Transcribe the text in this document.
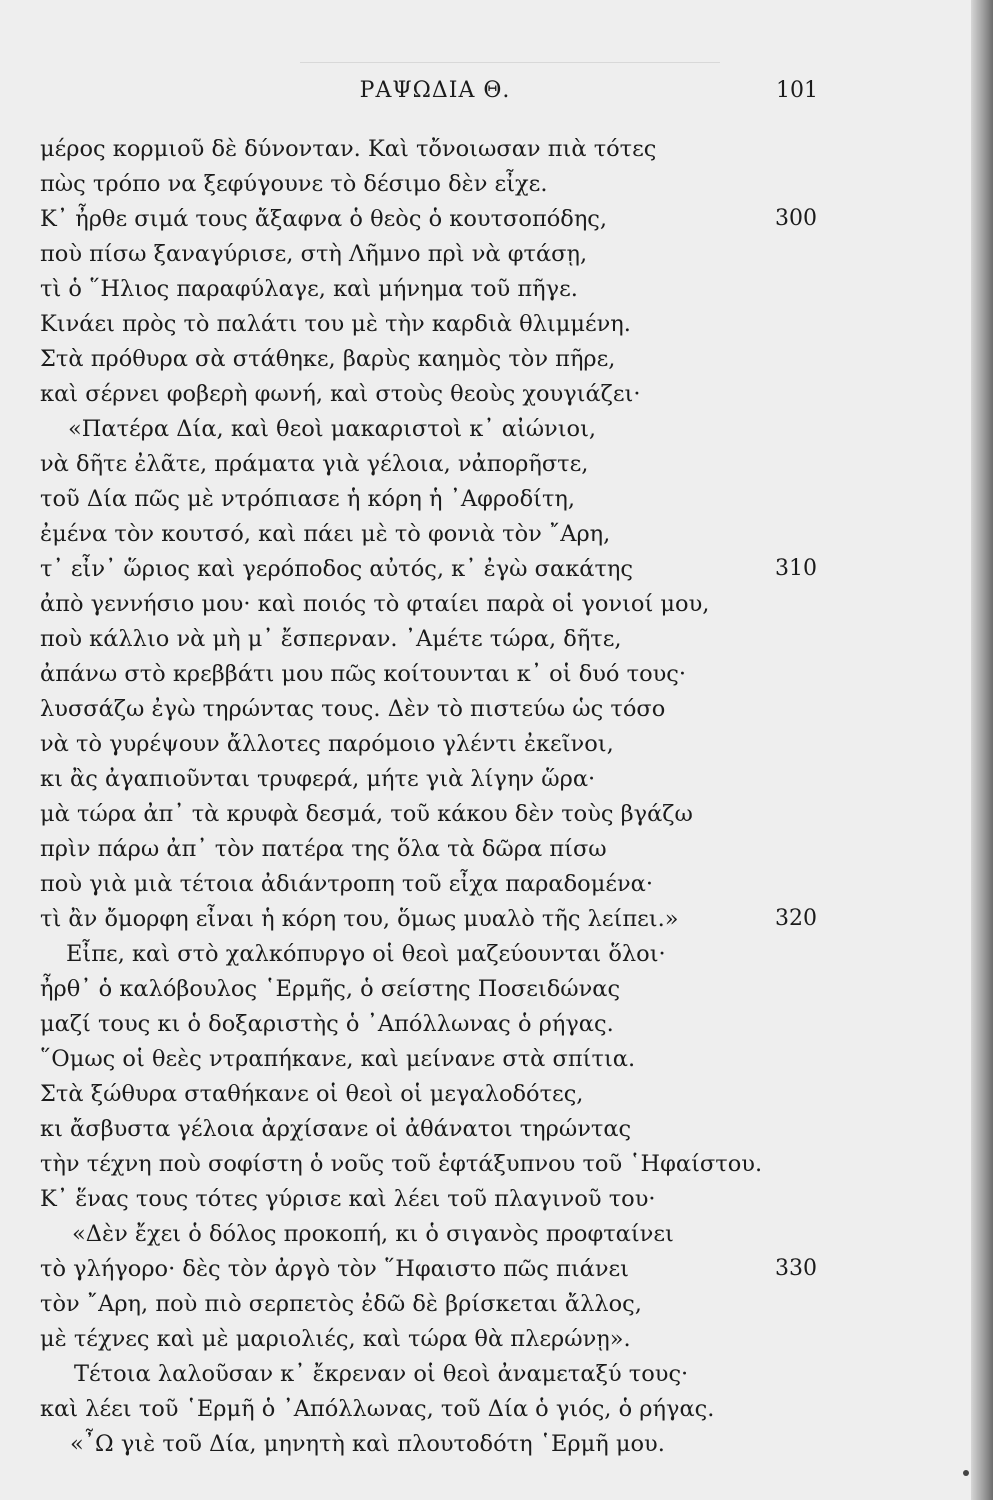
ΡΑΨΩΔΙΑ Θ.	101
μέρος κορμιοῦ δὲ δύνονταν. Καὶ τὄνοιωσαν πιὰ τότες
πὼς τρόπο να ξεφύγουνε τὸ δέσιμο δὲν εἶχε.
Κ᾿ ἦρθε σιμά τους ἄξαφνα ὁ θεὸς ὁ κουτσοπόδης,	300
ποὺ πίσω ξαναγύρισε, στὴ Λῆμνο πρὶ νὰ φτάσῃ,
τὶ ὁ ῞Ηλιος παραφύλαγε, καὶ μήνημα τοῦ πῆγε.
Κινάει πρὸς τὸ παλάτι του μὲ τὴν καρδιὰ θλιμμένη.
Στὰ πρόθυρα σὰ στάθηκε, βαρὺς καημὸς τὸν πῆρε,
καὶ σέρνει φοβερὴ φωνή, καὶ στοὺς θεοὺς χουγιάζει·
«Πατέρα Δία, καὶ θεοὶ μακαριστοὶ κ᾿ αἰώνιοι,
νὰ δῆτε ἐλᾶτε, πράματα γιὰ γέλοια, νἀπορῆστε,
τοῦ Δία πῶς μὲ ντρόπιασε ἡ κόρη ἡ ᾿Αφροδίτη,
ἐμένα τὸν κουτσό, καὶ πάει μὲ τὸ φονιὰ τὸν ῎Αρη,
τ᾿ εἶν᾿ ὥριος καὶ γερόποδος αὐτός, κ᾿ ἐγὼ σακάτης	310
ἀπὸ γεννήσιο μου· καὶ ποιός τὸ φταίει παρὰ οἱ γονιοί μου,
ποὺ κάλλιο νὰ μὴ μ᾿ ἔσπερναν. ᾿Αμέτε τώρα, δῆτε,
ἀπάνω στὸ κρεββάτι μου πῶς κοίτουνται κ᾿ οἱ δυό τους·
λυσσάζω ἐγὼ τηρώντας τους. Δὲν τὸ πιστεύω ὡς τόσο
νὰ τὸ γυρέψουν ἄλλοτες παρόμοιο γλέντι ἐκεῖνοι,
κι ἂς ἀγαπιοῦνται τρυφερά, μήτε γιὰ λίγην ὥρα·
μὰ τώρα ἀπ᾿ τὰ κρυφὰ δεσμά, τοῦ κάκου δὲν τοὺς βγάζω
πρὶν πάρω ἀπ᾿ τὸν πατέρα της ὅλα τὰ δῶρα πίσω
ποὺ γιὰ μιὰ τέτοια ἀδιάντροπη τοῦ εἶχα παραδομένα·
τὶ ἂν ὄμορφη εἶναι ἡ κόρη του, ὅμως μυαλὸ τῆς λείπει.»	320
Εἶπε, καὶ στὸ χαλκόπυργο οἱ θεοὶ μαζεύουνται ὅλοι·
ἦρθ᾿ ὁ καλόβουλος ῾Ερμῆς, ὁ σείστης Ποσειδώνας
μαζί τους κι ὁ δοξαριστὴς ὁ ᾿Απόλλωνας ὁ ρήγας.
῞Ομως οἱ θεὲς ντραπήκανε, καὶ μείνανε στὰ σπίτια.
Στὰ ξώθυρα σταθήκανε οἱ θεοὶ οἱ μεγαλοδότες,
κι ἄσβυστα γέλοια ἀρχίσανε οἱ ἀθάνατοι τηρώντας
τὴν τέχνη ποὺ σοφίστη ὁ νοῦς τοῦ ἑφτάξυπνου τοῦ ῾Ηφαίστου.
Κ᾿ ἕνας τους τότες γύρισε καὶ λέει τοῦ πλαγινοῦ του·
«Δὲν ἔχει ὁ δόλος προκοπή, κι ὁ σιγανὸς προφταίνει
τὸ γλήγορο· δὲς τὸν ἀργὸ τὸν ῞Ηφαιστο πῶς πιάνει	330
τὸν ῎Αρη, ποὺ πιὸ σερπετὸς ἐδῶ δὲ βρίσκεται ἄλλος,
μὲ τέχνες καὶ μὲ μαριολιές, καὶ τώρα θὰ πλερώνῃ».
Τέτοια λαλοῦσαν κ᾿ ἔκρεναν οἱ θεοὶ ἀναμεταξύ τους·
καὶ λέει τοῦ ῾Ερμῆ ὁ ᾿Απόλλωνας, τοῦ Δία ὁ γιός, ὁ ρήγας.
«῏Ω γιὲ τοῦ Δία, μηνητὴ καὶ πλουτοδότη ῾Ερμῆ μου.
